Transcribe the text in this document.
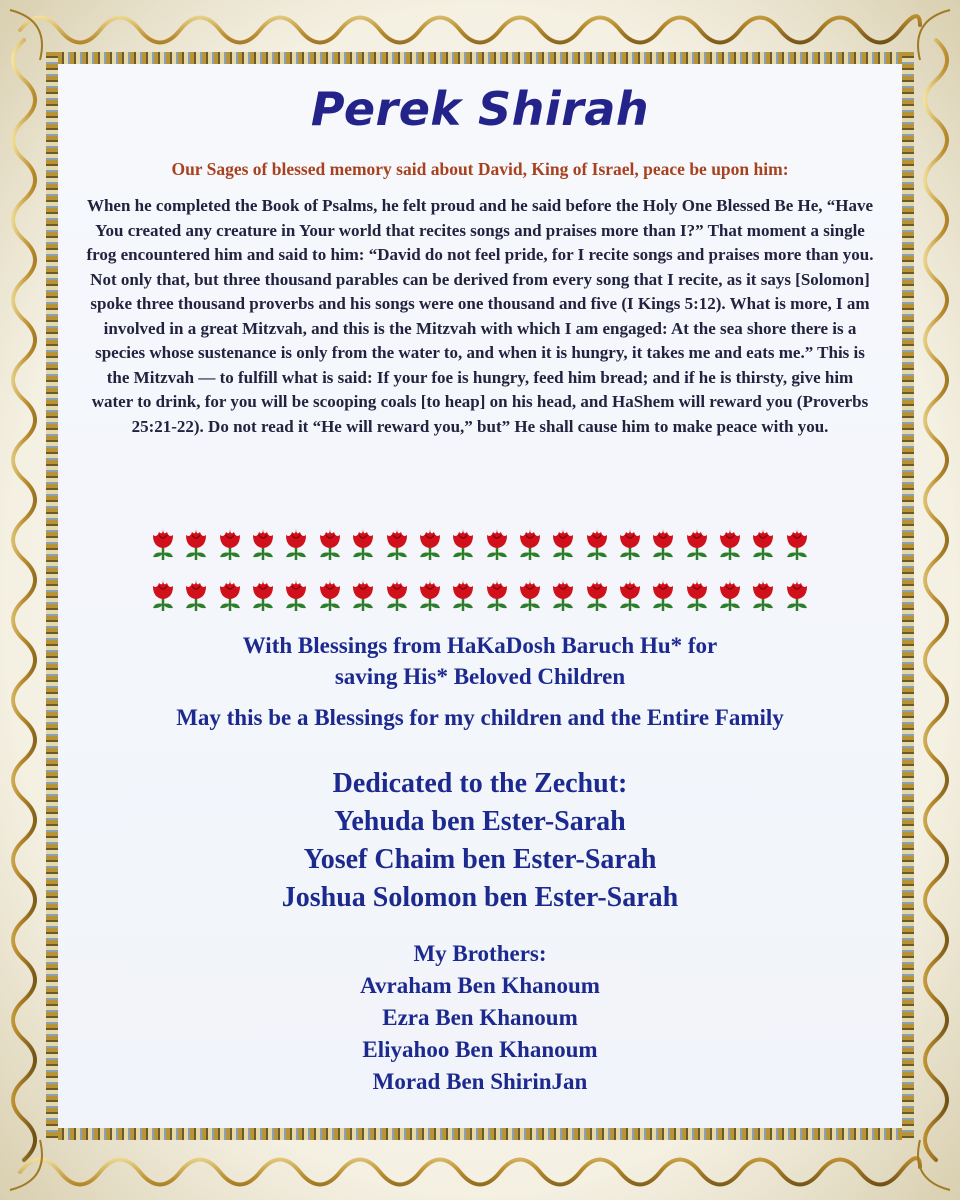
Perek Shirah
Our Sages of blessed memory said about David, King of Israel, peace be upon him:
When he completed the Book of Psalms, he felt proud and he said before the Holy One Blessed Be He, “Have You created any creature in Your world that recites songs and praises more than I?” That moment a single frog encountered him and said to him: “David do not feel pride, for I recite songs and praises more than you. Not only that, but three thousand parables can be derived from every song that I recite, as it says [Solomon] spoke three thousand proverbs and his songs were one thousand and five (I Kings 5:12). What is more, I am involved in a great Mitzvah, and this is the Mitzvah with which I am engaged: At the sea shore there is a species whose sustenance is only from the water to, and when it is hungry, it takes me and eats me.” This is the Mitzvah — to fulfill what is said: If your foe is hungry, feed him bread; and if he is thirsty, give him water to drink, for you will be scooping coals [to heap] on his head, and HaShem will reward you (Proverbs 25:21-22). Do not read it “He will reward you,” but” He shall cause him to make peace with you.
With Blessings from HaKaDosh Baruch Hu* for
saving His* Beloved Children
May this be a Blessings for my children and the Entire Family
Dedicated to the Zechut:
Yehuda ben Ester-Sarah
Yosef Chaim ben Ester-Sarah
Joshua Solomon ben Ester-Sarah
My Brothers:
Avraham Ben Khanoum
Ezra Ben Khanoum
Eliyahoo Ben Khanoum
Morad Ben ShirinJan
